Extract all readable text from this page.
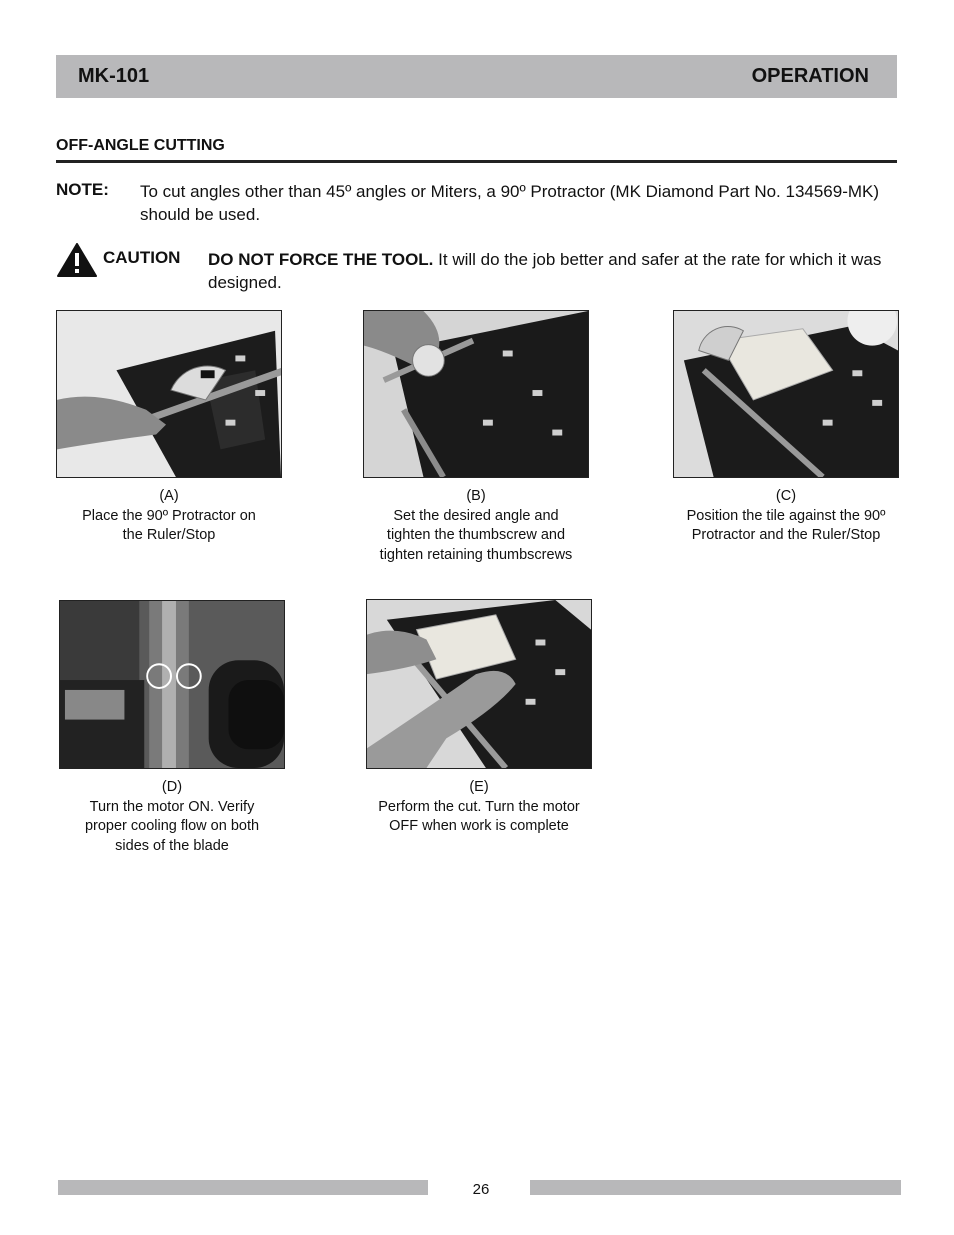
MK-101	OPERATION
OFF-ANGLE CUTTING
NOTE: To cut angles other than 45º angles or Miters, a 90º Protractor (MK Diamond Part No. 134569-MK) should be used.
CAUTION DO NOT FORCE THE TOOL. It will do the job better and safer at the rate for which it was designed.
(A)
Place the 90º Protractor on
the Ruler/Stop
(B)
Set the desired angle and
tighten the thumbscrew and
tighten retaining thumbscrews
(C)
Position the tile against the 90º
Protractor and the Ruler/Stop
(D)
Turn the motor ON. Verify
proper cooling flow on both
sides of the blade
(E)
Perform the cut. Turn the motor
OFF when work is complete
26
